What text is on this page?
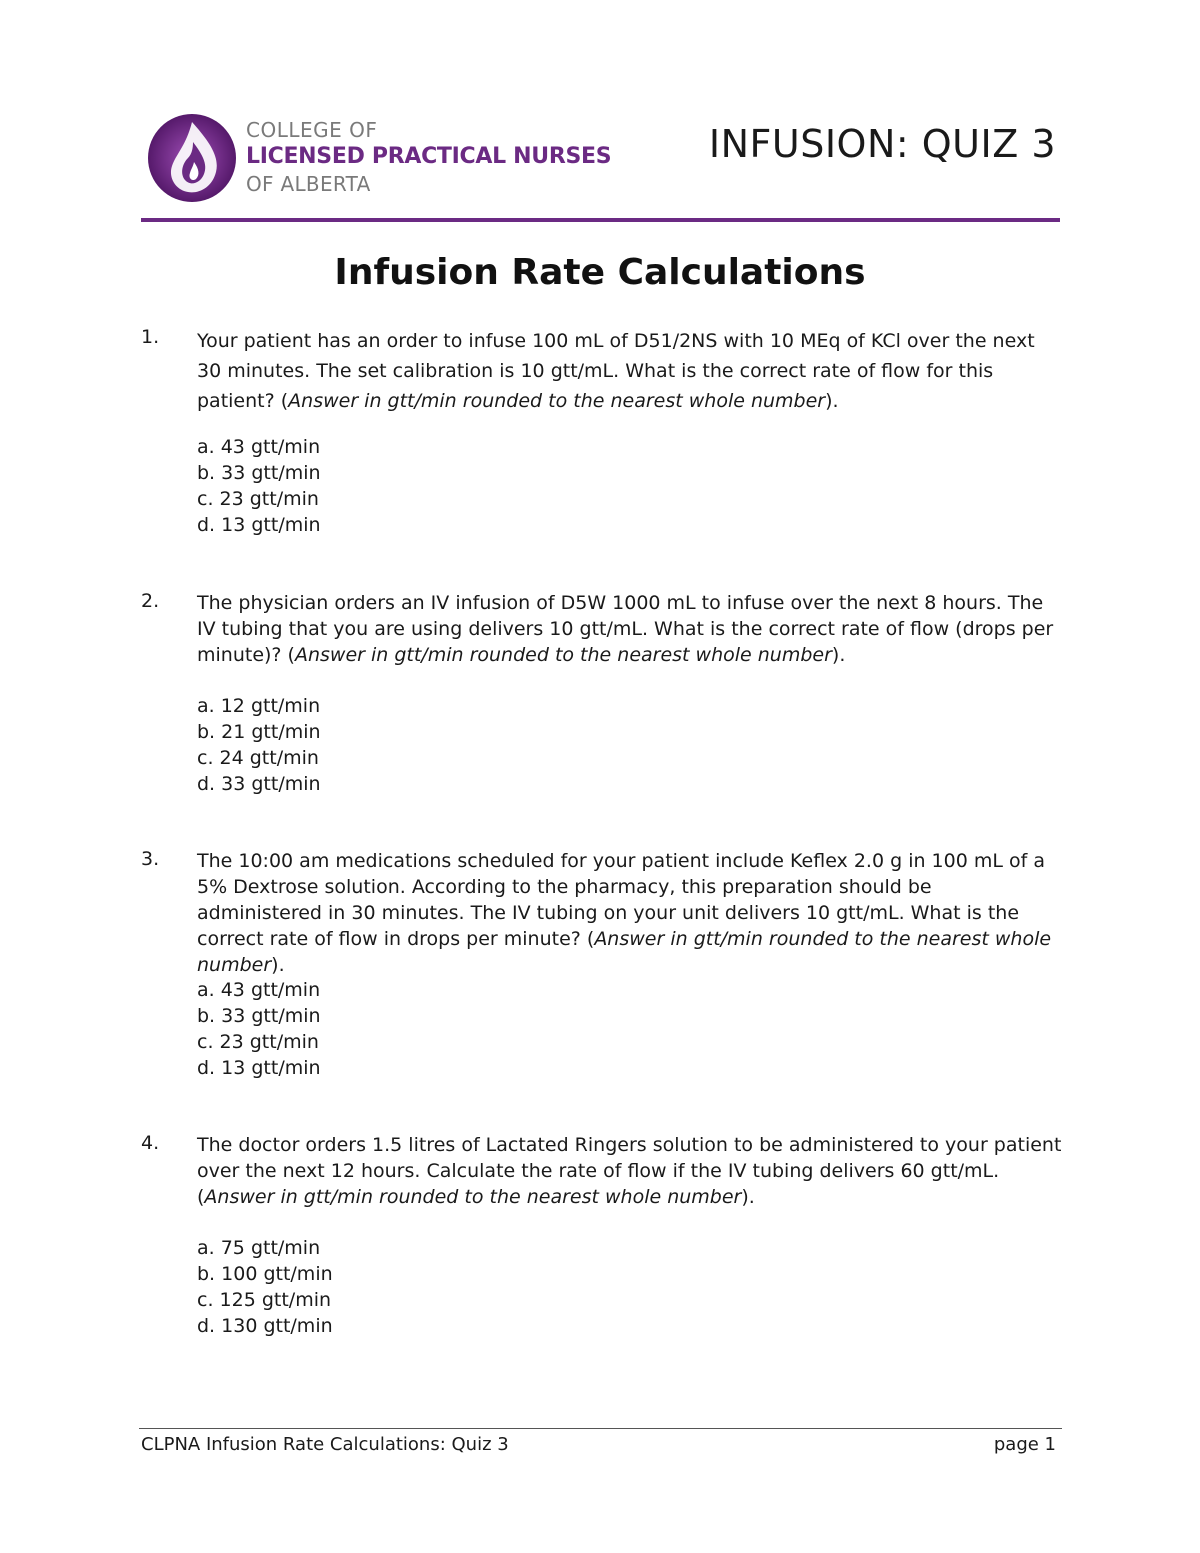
COLLEGE OF
LICENSED PRACTICAL NURSES
OF ALBERTA
INFUSION: QUIZ 3
Infusion Rate Calculations
1. Your patient has an order to infuse 100 mL of D51/2NS with 10 MEq of KCl over the next 30 minutes. The set calibration is 10 gtt/mL. What is the correct rate of flow for this patient? (Answer in gtt/min rounded to the nearest whole number).
a. 43 gtt/min
b. 33 gtt/min
c. 23 gtt/min
d. 13 gtt/min
2. The physician orders an IV infusion of D5W 1000 mL to infuse over the next 8 hours. The IV tubing that you are using delivers 10 gtt/mL. What is the correct rate of flow (drops per minute)? (Answer in gtt/min rounded to the nearest whole number).
a. 12 gtt/min
b. 21 gtt/min
c. 24 gtt/min
d. 33 gtt/min
3. The 10:00 am medications scheduled for your patient include Keflex 2.0 g in 100 mL of a 5% Dextrose solution. According to the pharmacy, this preparation should be administered in 30 minutes. The IV tubing on your unit delivers 10 gtt/mL. What is the correct rate of flow in drops per minute? (Answer in gtt/min rounded to the nearest whole number).
a. 43 gtt/min
b. 33 gtt/min
c. 23 gtt/min
d. 13 gtt/min
4. The doctor orders 1.5 litres of Lactated Ringers solution to be administered to your patient over the next 12 hours. Calculate the rate of flow if the IV tubing delivers 60 gtt/mL. (Answer in gtt/min rounded to the nearest whole number).
a. 75 gtt/min
b. 100 gtt/min
c. 125 gtt/min
d. 130 gtt/min
CLPNA Infusion Rate Calculations: Quiz 3	page 1
